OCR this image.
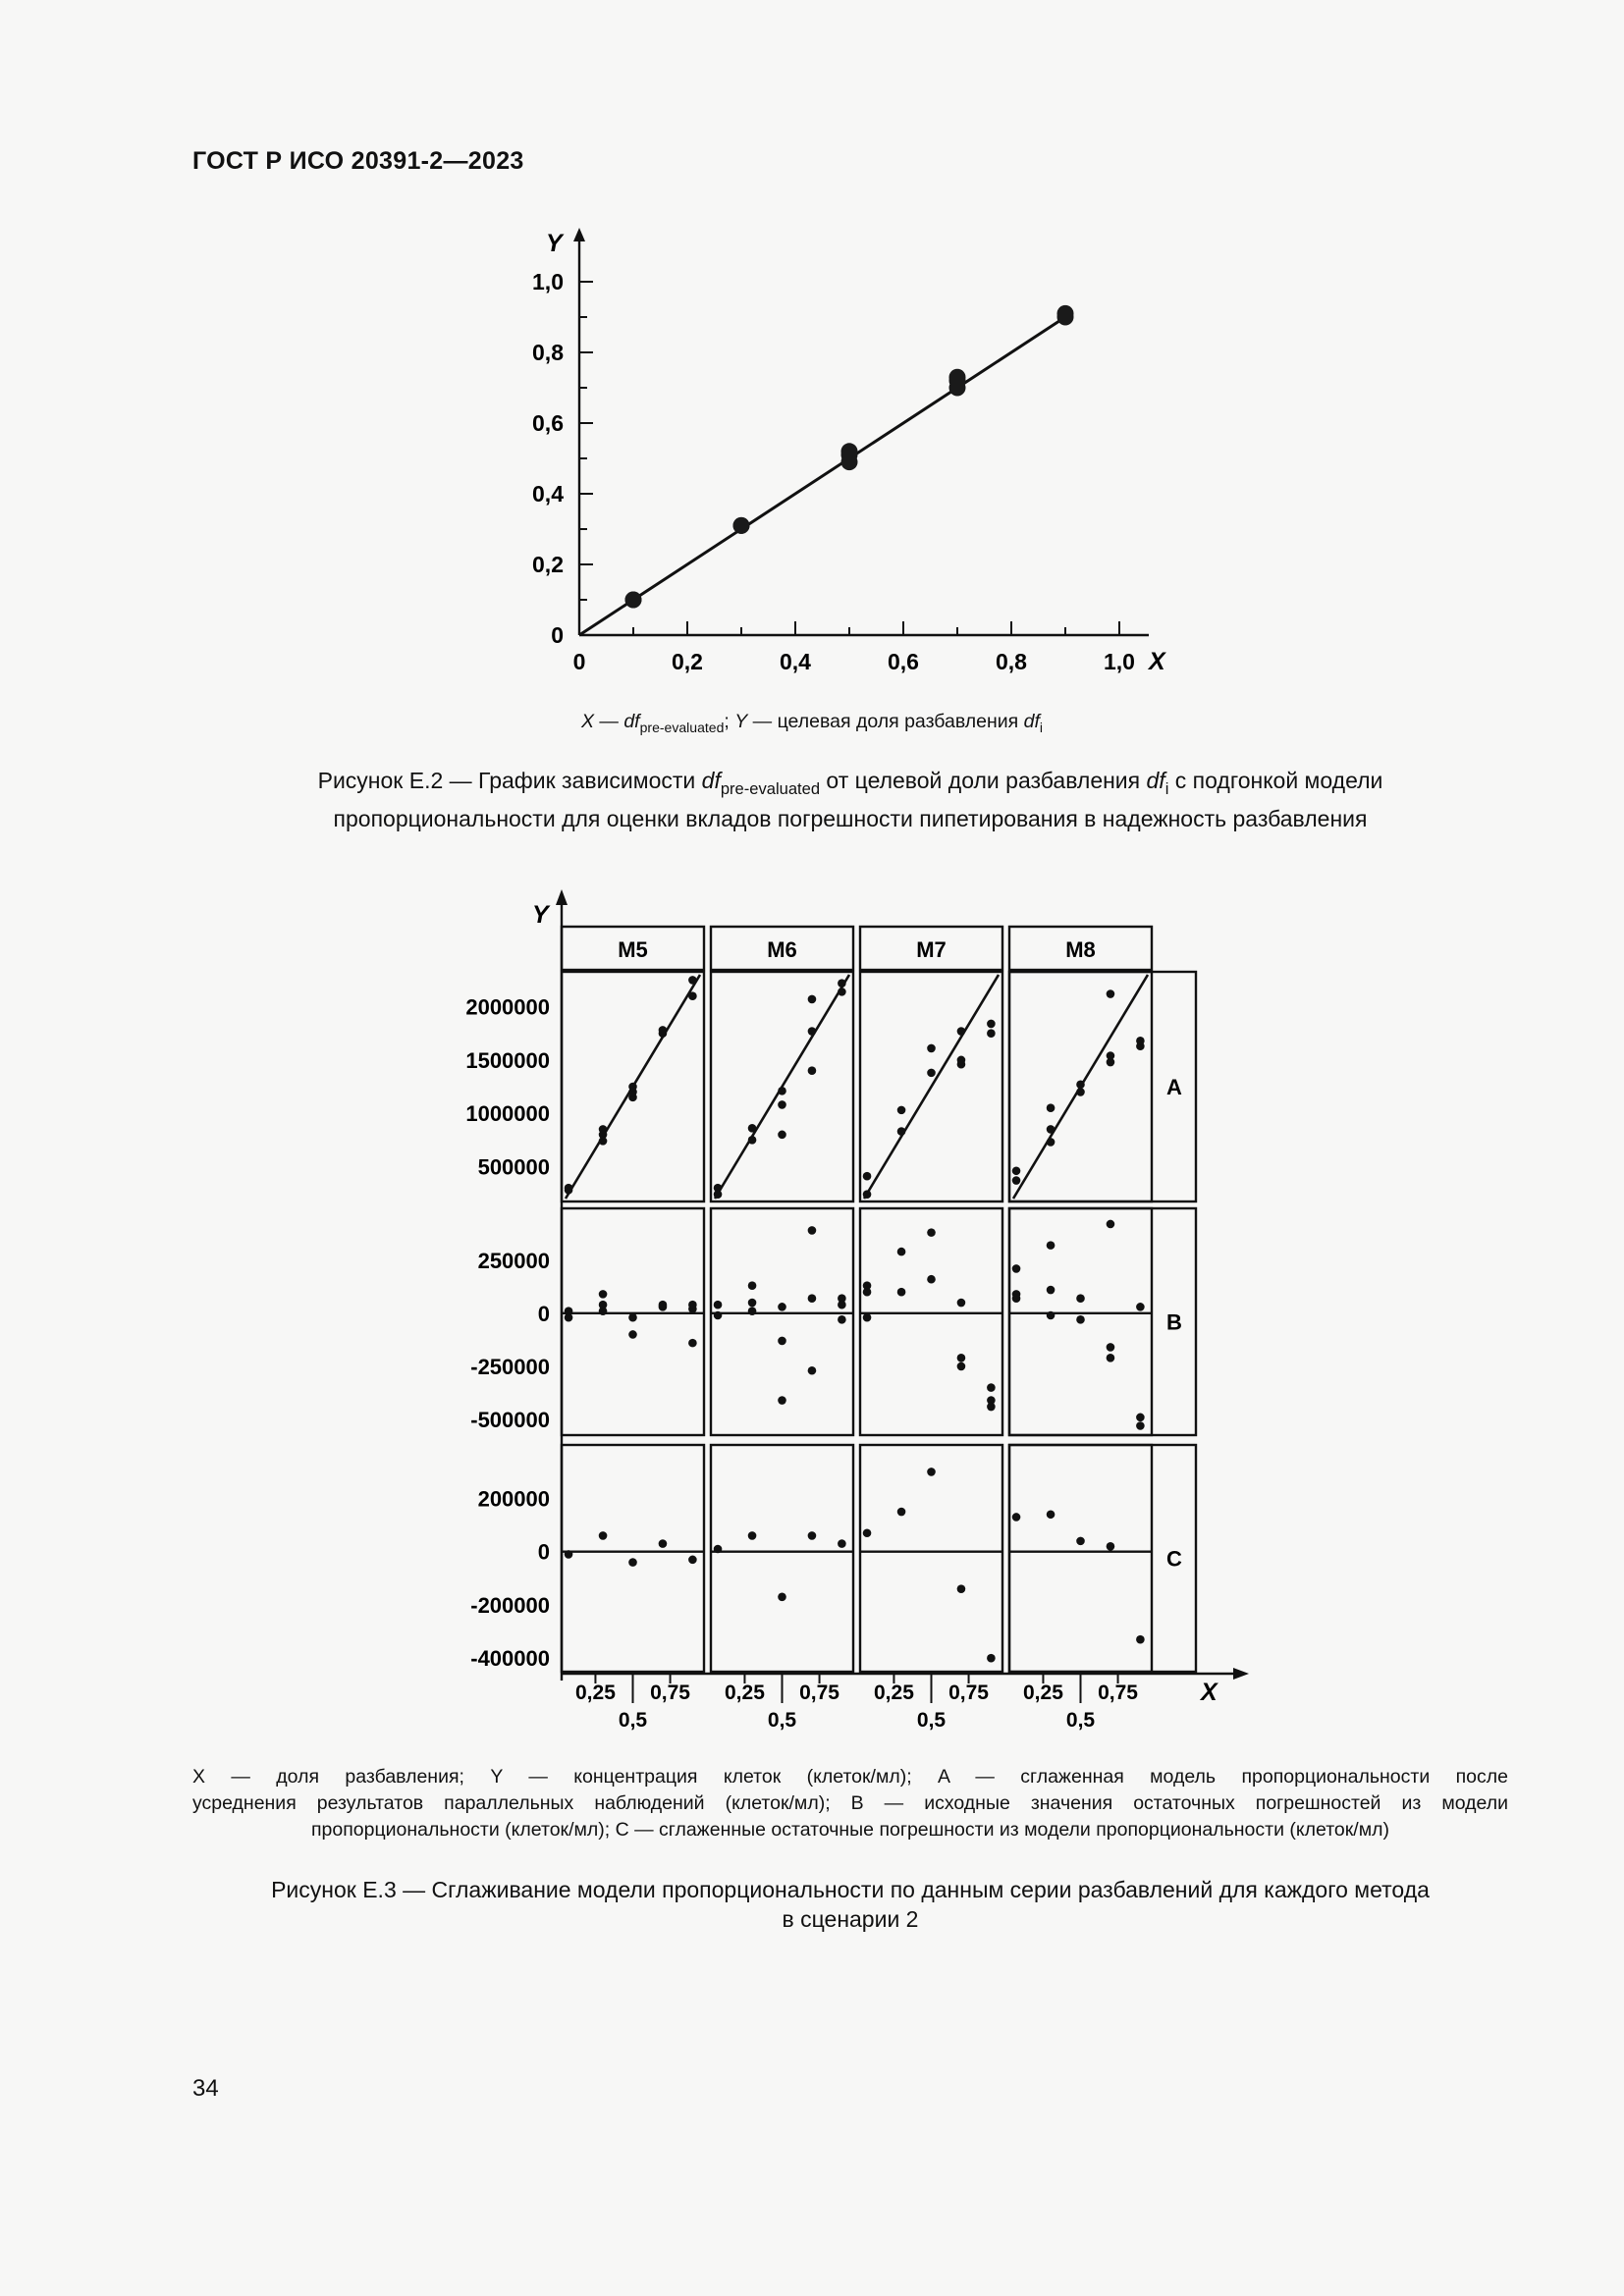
ГОСТ Р ИСО 20391-2—2023
Y
X
0
0,2
0,4
0,6
0,8
1,0
0	0,2	0,4	0,6	0,8	1,0
X — $df_{pre-evaluated}$; Y — целевая доля разбавления $df_i$
Рисунок Е.2 — График зависимости $df_{pre-evaluated}$ от целевой доли разбавления $df_i$ с подгонкой модели
пропорциональности для оценки вкладов погрешности пипетирования в надежность разбавления
M5	M6	M7	M8
Y
X
0,25
0,5
0,75 0,25
0,5
0,75 0,25
0,5
0,75 0,25
0,5
0,75
A
500000
1000000
1500000
2000000
B
250000
0
-250000
-500000
C
200000
0
-200000
-400000
X — доля разбавления; Y — концентрация клеток (клеток/мл); A — сглаженная модель пропорциональности после
усреднения результатов параллельных наблюдений (клеток/мл); B — исходные значения остаточных погрешностей из модели
пропорциональности (клеток/мл); C — сглаженные остаточные погрешности из модели пропорциональности (клеток/мл)
Рисунок Е.3 — Сглаживание модели пропорциональности по данным серии разбавлений для каждого метода
в сценарии 2
34
